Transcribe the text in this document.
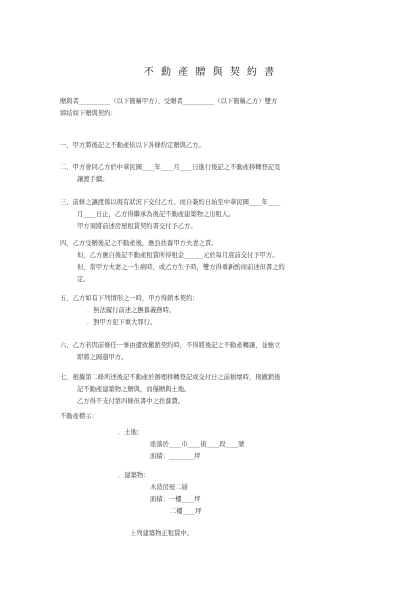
不 動 產 贈 與 契 約 書
贈與者__________（以下簡稱甲方）、受贈者__________（以下簡稱乙方）雙方
締結如下贈與契約：
一、甲方將後記之不動產依以下各條約定贈與乙方。
二、甲方會同乙方於中華民國____年____月____日進行後記之不動產移轉登記及
讓渡手續。
三、前條之讓渡係以現有狀況下交付乙方。而自簽約日始至中華民國____年____
月____日止，乙方得繼承為後記不動產建築物之出租人。
甲方須將前述房屋租賃契約書交付予乙方。
四、乙方受贈後記之不動產後，應負扶養甲方夫妻之責。
但，乙方應自後記不動產租賃所得租金______元於每月底前交付予甲方。
但，當甲方夫妻之一生病時，或乙方生子時，雙方得重新酌商前述但書之約
定。
五、乙方如有下列情形之一時，甲方得銷本契約：
．無法履行前述之撫養義務時。
．對甲方犯下重大罪行。
六、乙方若因前條任一事由遭致撤銷契約時，不得將後記之不動產轉讓，並應立
即將之歸還甲方。
七、根據第二條所述後記不動產於辦理移轉登記或交付日之前損壞時，則撤銷後
記不動產建築物之贈與，而僅贈與土地。
乙方得不支付第四條但書中之扶養費。
不動產標示：
．土地：
座落於____市____街____段____號
面積：________坪
．建築物：
木造房屋二層
面積：一樓____坪
二樓____坪
上列建築物正租賃中。
